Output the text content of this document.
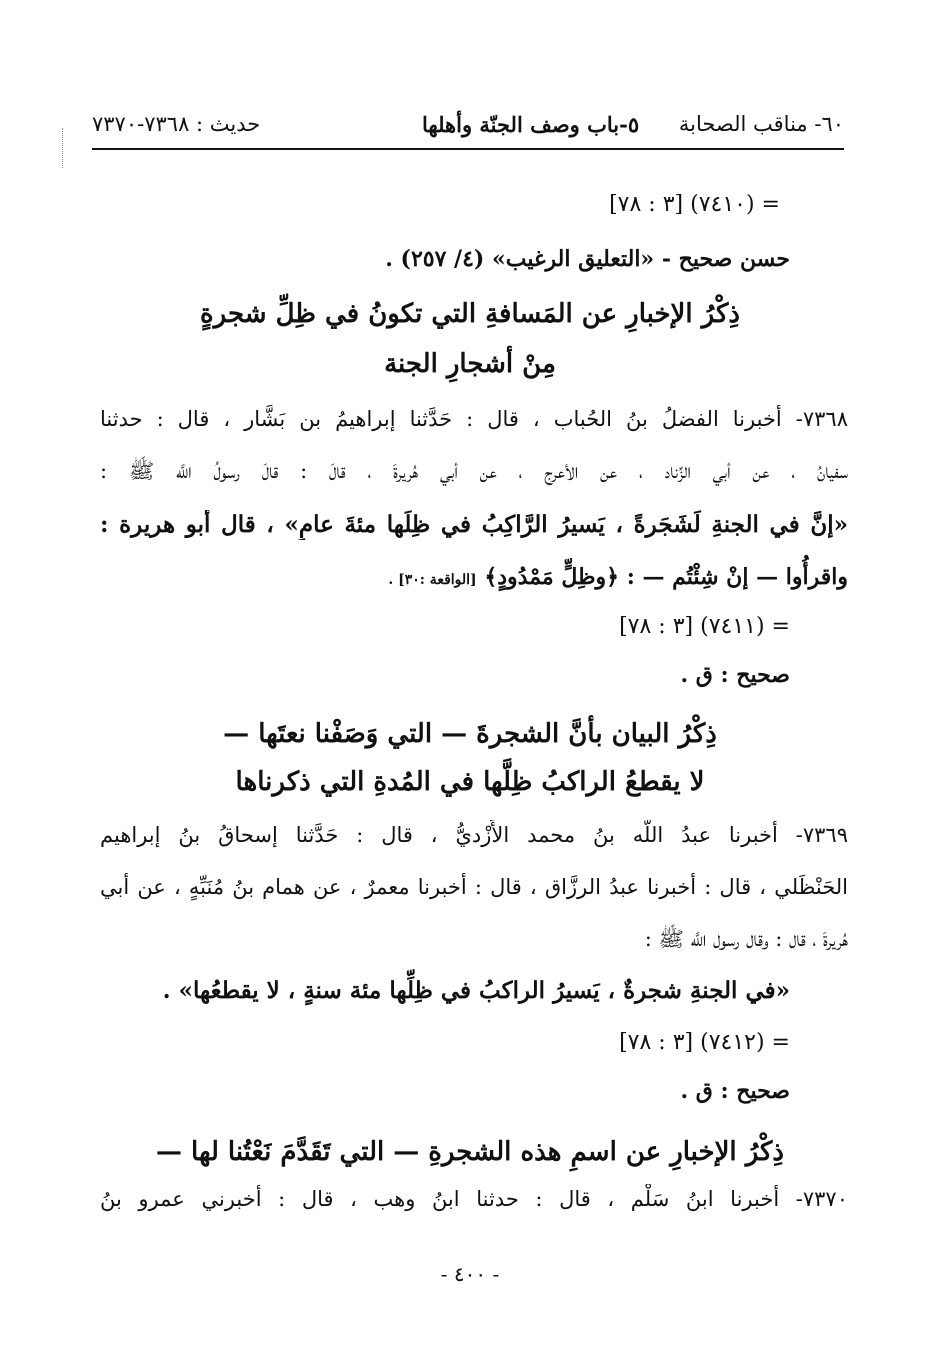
٦٠- مناقب الصحابة
٥-باب وصف الجنّة وأهلها
حديث : ٧٣٦٨-٧٣٧٠
= (٧٤١٠) [٣ : ٧٨]
حسن صحيح - «التعليق الرغيب» (٤/ ٢٥٧) .
ذِكْرُ الإخبارِ عن المَسافةِ التي تكونُ في ظِلِّ شجرةٍ
مِنْ أشجارِ الجنة
٧٣٦٨- أخبرنا الفضلُ بنُ الحُباب ، قال : حَدَّثنا إبراهيمُ بن بَشَّار ، قال : حدثنا
سفيانُ ، عن أبي الزِّناد ، عن الأعرجِ ، عن أبي هُريرةَ ، قالَ : قالَ رسولُ اللَّه ﷺ :
«إنَّ في الجنةِ لَشَجَرةً ، يَسيرُ الرَّاكِبُ في ظِلِّها مئةَ عامٍ» ، قال أبو هريرة :
واقرأُوا — إنْ شِئْتُم — : ﴿وظِلٍّ مَمْدُودٍ﴾ [الواقعة :٣٠] .
= (٧٤١١) [٣ : ٧٨]
صحيح : ق .
ذِكْرُ البيان بأنَّ الشجرةَ — التي وَصَفْنا نعتَها —
لا يقطعُ الراكبُ ظِلَّها في المُدةِ التي ذكرناها
٧٣٦٩- أخبرنا عبدُ اللَّه بنُ محمد الأَزْديُّ ، قال : حَدَّثنا إسحاقُ بنُ إبراهيم
الحَنْظَلي ، قال : أخبرنا عبدُ الرزَّاق ، قال : أخبرنا معمرٌ ، عن همام بنُ مُنَبِّهٍ ، عن أبي
هُريرةَ ، قال : وقال رسول اللَّه ﷺ :
«في الجنةِ شجرةٌ ، يَسيرُ الراكبُ في ظِلِّها مئة سنةٍ ، لا يقطعُها» .
= (٧٤١٢) [٣ : ٧٨]
صحيح : ق .
ذِكْرُ الإخبارِ عن اسمِ هذه الشجرةِ — التي تَقَدَّمَ نَعْتُنا لها —
٧٣٧٠- أخبرنا ابنُ سَلْم ، قال : حدثنا ابنُ وهب ، قال : أخبرني عمرو بنُ
- ٤٠٠ -
